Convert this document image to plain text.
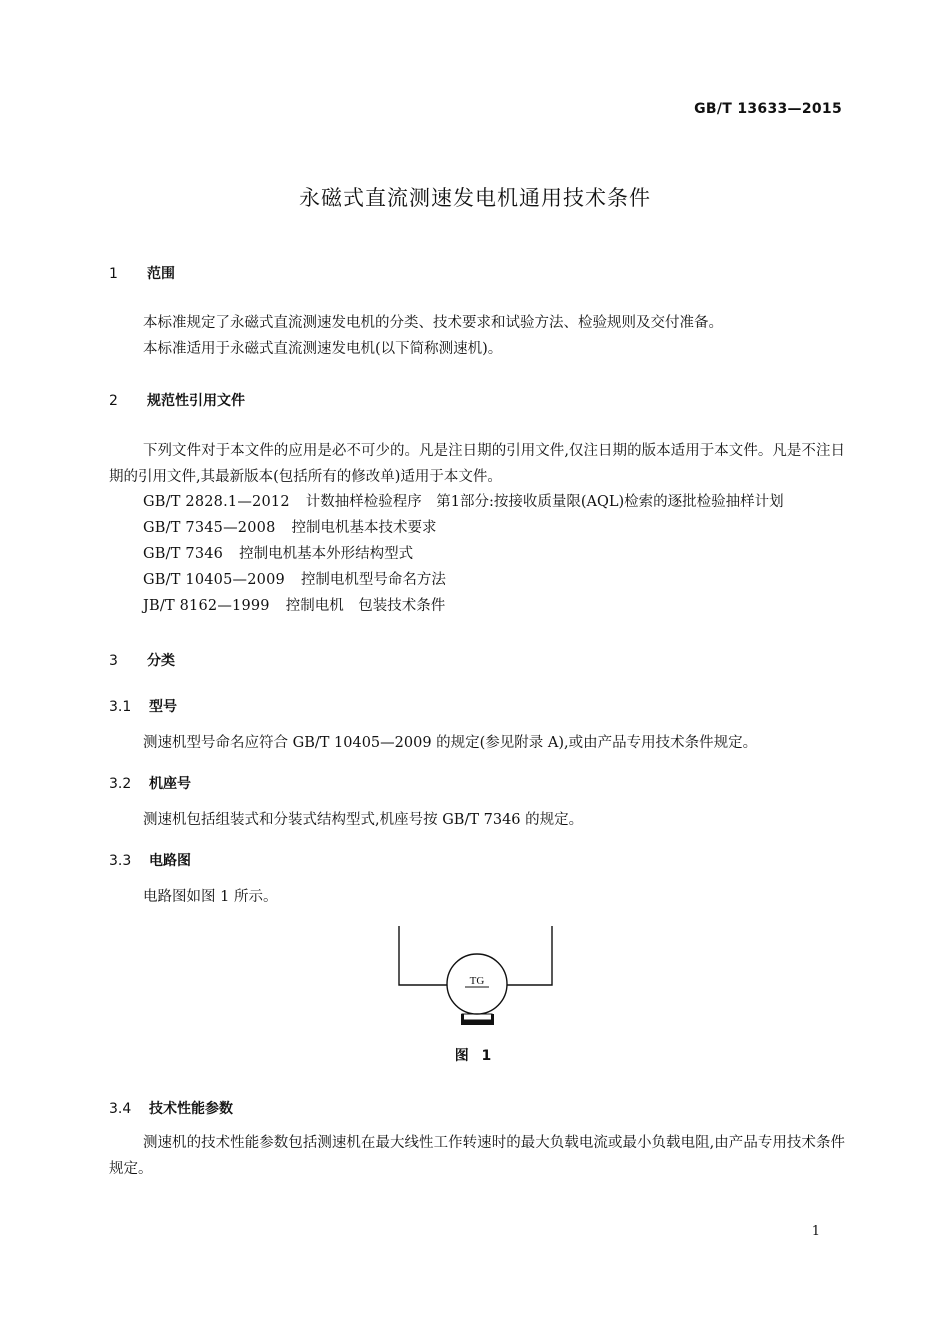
GB/T 13633—2015
永磁式直流测速发电机通用技术条件
1 范围

本标准规定了永磁式直流测速发电机的分类、技术要求和试验方法、检验规则及交付准备。

本标准适用于永磁式直流测速发电机(以下简称测速机)。

2 规范性引用文件

下列文件对于本文件的应用是必不可少的。凡是注日期的引用文件,仅注日期的版本适用于本文件。凡是不注日期的引用文件,其最新版本(包括所有的修改单)适用于本文件。

GB/T 2828.1—2012 计数抽样检验程序　第1部分:按接收质量限(AQL)检索的逐批检验抽样计划
GB/T 7345—2008 控制电机基本技术要求
GB/T 7346 控制电机基本外形结构型式
GB/T 10405—2009 控制电机型号命名方法
JB/T 8162—1999 控制电机　包装技术条件
3 分类
3.1 型号

测速机型号命名应符合 GB/T 10405—2009 的规定(参见附录 A),或由产品专用技术条件规定。

3.2 机座号

测速机包括组装式和分装式结构型式,机座号按 GB/T 7346 的规定。

3.3 电路图

电路图如图 1 所示。

TG
图 1
3.4 技术性能参数

测速机的技术性能参数包括测速机在最大线性工作转速时的最大负载电流或最小负载电阻,由产品专用技术条件规定。

1
